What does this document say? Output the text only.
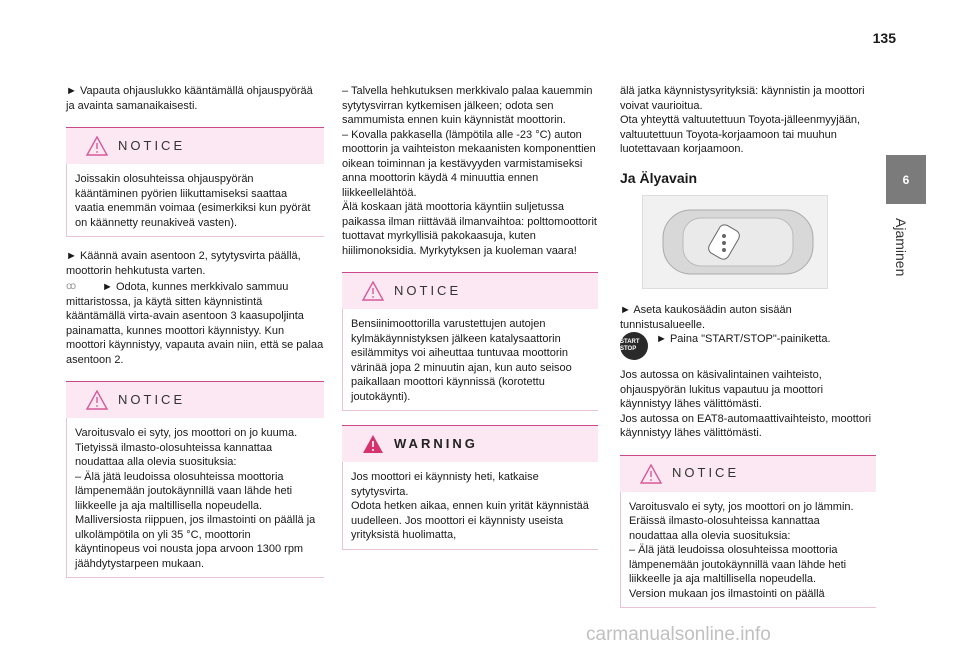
135
6
Ajaminen

► Vapauta ohjauslukko kääntämällä ohjauspyörää ja avainta samanaikaisesti.

NOTICE
Joissakin olosuhteissa ohjauspyörän kääntäminen pyörien liikuttamiseksi saattaa vaatia enemmän voimaa (esimerkiksi kun pyörät on käännetty reunakiveä vasten).

► Käännä avain asentoon 2, sytytysvirta päällä, moottorin hehkutusta varten.

ꝏ	► Odota, kunnes merkkivalo sammuu mittaristossa, ja käytä sitten käynnistintä kääntämällä virta-avain asentoon 3 kaasupoljinta painamatta, kunnes moottori käynnistyy. Kun moottori käynnistyy, vapauta avain niin, että se palaa asentoon 2.

NOTICE
Varoitusvalo ei syty, jos moottori on jo kuuma. Tietyissä ilmasto-olosuhteissa kannattaa noudattaa alla olevia suosituksia:
– Älä jätä leudoissa olosuhteissa moottoria lämpenemään joutokäynnillä vaan lähde heti liikkeelle ja aja maltillisella nopeudella.
Malliversiosta riippuen, jos ilmastointi on päällä ja ulkolämpötila on yli 35 °C, moottorin käyntinopeus voi nousta jopa arvoon 1300 rpm jäähdytystarpeen mukaan.

– Talvella hehkutuksen merkkivalo palaa kauemmin sytytysvirran kytkemisen jälkeen; odota sen sammumista ennen kuin käynnistät moottorin.
– Kovalla pakkasella (lämpötila alle -23 °C) auton moottorin ja vaihteiston mekaanisten komponenttien oikean toiminnan ja kestävyyden varmistamiseksi anna moottorin käydä 4 minuuttia ennen liikkeellelähtöä.
Älä koskaan jätä moottoria käyntiin suljetussa paikassa ilman riittävää ilmanvaihtoa: polttomoottorit tuottavat myrkyllisiä pakokaasuja, kuten hiilimonoksidia. Myrkytyksen ja kuoleman vaara!

NOTICE
Bensiinimoottorilla varustettujen autojen kylmäkäynnistyksen jälkeen katalysaattorin esilämmitys voi aiheuttaa tuntuvaa moottorin värinää jopa 2 minuutin ajan, kun auto seisoo paikallaan moottori käynnissä (korotettu joutokäynti).
WARNING
Jos moottori ei käynnisty heti, katkaise sytytysvirta.
Odota hetken aikaa, ennen kuin yrität käynnistää uudelleen. Jos moottori ei käynnisty useista yrityksistä huolimatta,

älä jatka käynnistysyrityksiä: käynnistin ja moottori voivat vaurioitua.
Ota yhteyttä valtuutettuun Toyota-jälleenmyyjään, valtuutettuun Toyota-korjaamoon tai muuhun luotettavaan korjaamoon.

Ja Älyavain

► Aseta kaukosäädin auton sisään tunnistusalueelle.

START STOP
► Paina "START/STOP"-painiketta.

Jos autossa on käsivalintainen vaihteisto, ohjauspyörän lukitus vapautuu ja moottori käynnistyy lähes välittömästi.
Jos autossa on EAT8-automaattivaihteisto, moottori käynnistyy lähes välittömästi.

NOTICE
Varoitusvalo ei syty, jos moottori on jo lämmin. Eräissä ilmasto-olosuhteissa kannattaa noudattaa alla olevia suosituksia:
– Älä jätä leudoissa olosuhteissa moottoria lämpenemään joutokäynnillä vaan lähde heti liikkeelle ja aja maltillisella nopeudella.
Version mukaan jos ilmastointi on päällä
carmanualsonline.info
